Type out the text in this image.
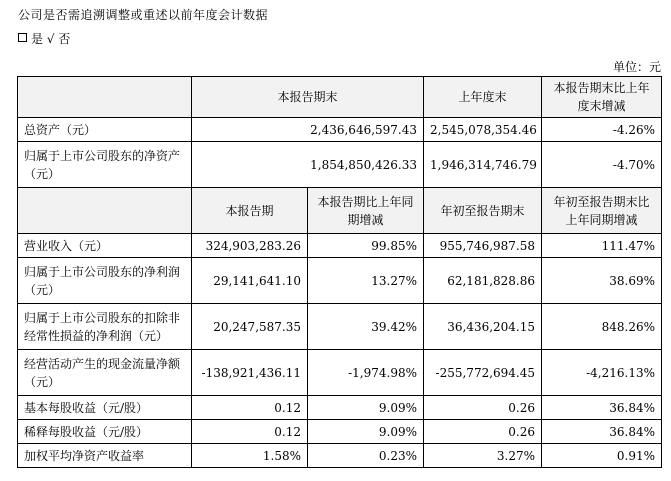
公司是否需追溯调整或重述以前年度会计数据
是 √ 否
单位：元
	本报告期末		上年度末	本报告期末比上年度末增减
总资产（元）	2,436,646,597.43		2,545,078,354.46	-4.26%
归属于上市公司股东的净资产（元）	1,854,850,426.33		1,946,314,746.79	-4.70%
	本报告期	本报告期比上年同期增减	年初至报告期末	年初至报告期末比上年同期增减
营业收入（元）	324,903,283.26	99.85%	955,746,987.58	111.47%
归属于上市公司股东的净利润（元）	29,141,641.10	13.27%	62,181,828.86	38.69%
归属于上市公司股东的扣除非经常性损益的净利润（元）	20,247,587.35	39.42%	36,436,204.15	848.26%
经营活动产生的现金流量净额（元）	-138,921,436.11	-1,974.98%	-255,772,694.45	-4,216.13%
基本每股收益（元/股）	0.12	9.09%	0.26	36.84%
稀释每股收益（元/股）	0.12	9.09%	0.26	36.84%
加权平均净资产收益率	1.58%	0.23%	3.27%	0.91%
